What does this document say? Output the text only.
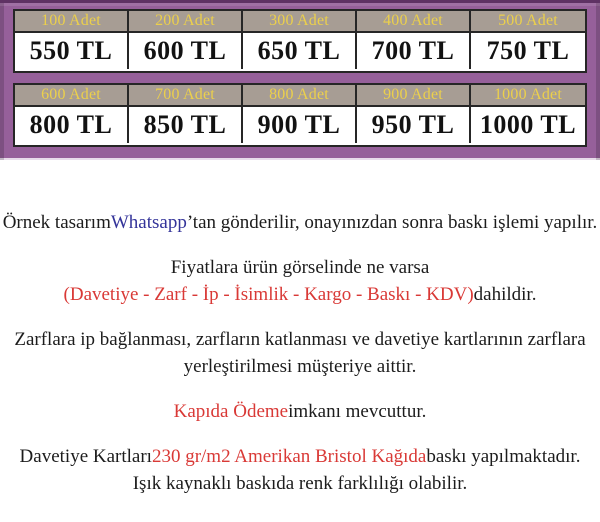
100 Adet	200 Adet	300 Adet	400 Adet	500 Adet
550 TL	600 TL	650 TL	700 TL	750 TL
600 Adet	700 Adet	800 Adet	900 Adet	1000 Adet
800 TL	850 TL	900 TL	950 TL 1000 TL
Örnek tasarım Whatsapp ’tan gönderilir, onayınızdan sonra baskı işlemi yapılır.
Fiyatlara ürün görselinde ne varsa
(Davetiye - Zarf - İp - İsimlik - Kargo - Baskı - KDV) dahildir.
Zarflara ip bağlanması, zarfların katlanması ve davetiye kartlarının zarflara
yerleştirilmesi müşteriye aittir.
Kapıda Ödeme imkanı mevcuttur.
Davetiye Kartları 230 gr/m2 Amerikan Bristol Kağıda baskı yapılmaktadır.
Işık kaynaklı baskıda renk farklılığı olabilir.
